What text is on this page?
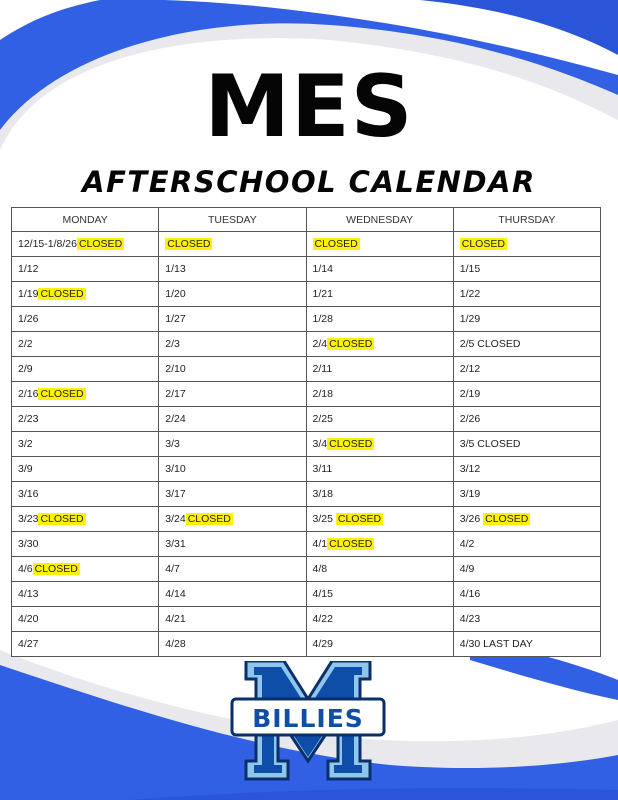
MES
AFTERSCHOOL CALENDAR
MONDAY	TUESDAY	WEDNESDAY	THURSDAY
12/15-1/8/26 CLOSED	CLOSED	CLOSED	CLOSED
1/12	1/13	1/14	1/15
1/19 CLOSED	1/20	1/21	1/22
1/26	1/27	1/28	1/29
2/2	2/3	2/4 CLOSED	2/5 CLOSED
2/9	2/10	2/11	2/12
2/16 CLOSED	2/17	2/18	2/19
2/23	2/24	2/25	2/26
3/2	3/3	3/4 CLOSED	3/5 CLOSED
3/9	3/10	3/11	3/12
3/16	3/17	3/18	3/19
3/23 CLOSED	3/24 CLOSED	3/25 CLOSED	3/26 CLOSED
3/30	3/31	4/1 CLOSED	4/2
4/6 CLOSED	4/7	4/8	4/9
4/13	4/14	4/15	4/16
4/20	4/21	4/22	4/23
4/27	4/28	4/29	4/30 LAST DAY
BILLIES
